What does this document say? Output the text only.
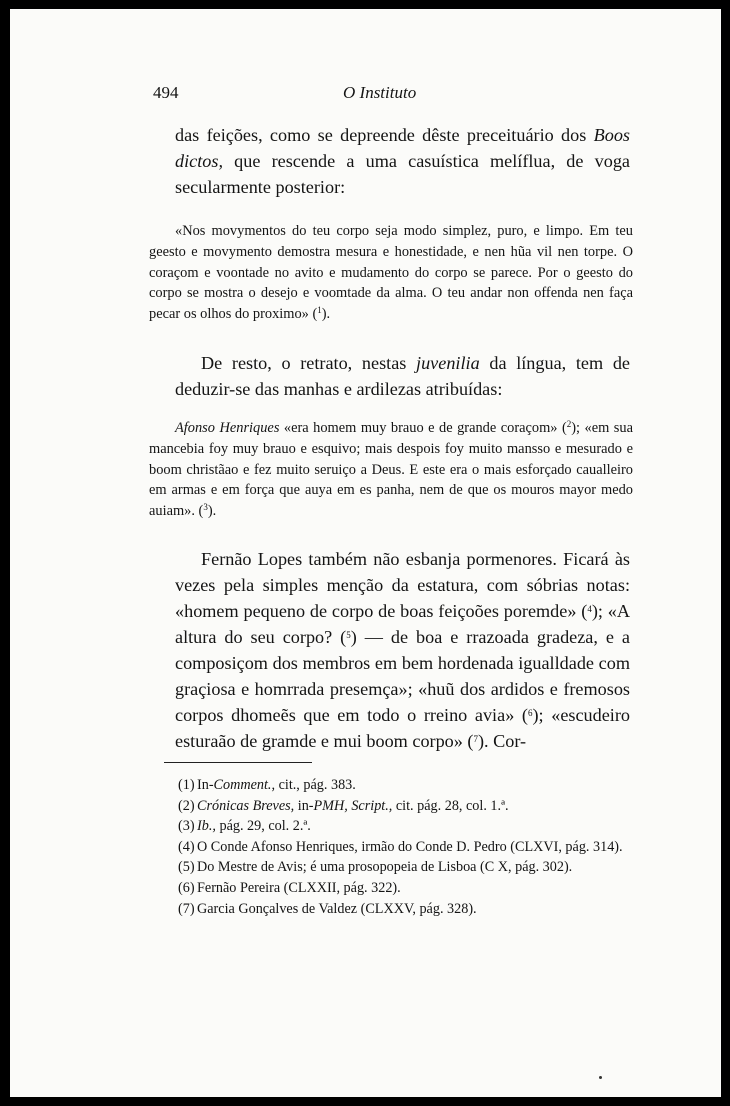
494	O Instituto

das feições, como se depreende dêste preceituário dos Boos dictos, que rescende a uma casuística melíflua, de voga secularmente posterior:

«Nos movymentos do teu corpo seja modo simplez, puro, e limpo. Em teu geesto e movymento demostra mesura e honestidade, e nen hũa vil nen torpe. O coraçom e voontade no avito e mudamento do corpo se parece. Por o geesto do corpo se mostra o desejo e voomtade da alma. O teu andar non offenda nen faça pecar os olhos do proximo» ($^1$).

De resto, o retrato, nestas juvenilia da língua, tem de deduzir-se das manhas e ardilezas atribuídas:

Afonso Henriques «era homem muy brauo e de grande coraçom» ($^2$); «em sua mancebia foy muy brauo e esquivo; mais despois foy muito mansso e mesurado e boom christãao e fez muito seruiço a Deus. E este era o mais esforçado caualleiro em armas e em força que auya em es panha, nem de que os mouros mayor medo auiam». ($^3$).

Fernão Lopes também não esbanja pormenores. Ficará às vezes pela simples menção da estatura, com sóbrias notas: «homem pequeno de corpo de boas feiçoões poremde» ($^4$); «A altura do seu corpo? ($^5$) — de boa e rrazoada gradeza, e a composiçom dos membros em bem hordenada igualldade com graçiosa e homrrada presemça»; «huũ dos ardidos e fremosos corpos dhomeẽs que em todo o rreino avia» ($^6$); «escudeiro esturaão de gramde e mui boom corpo» ($^7$). Cor-

(1) In-Comment., cit., pág. 383.
(2) Crónicas Breves, in-PMH, Script., cit. pág. 28, col. 1.ª.
(3) Ib., pág. 29, col. 2.ª.
(4) O Conde Afonso Henriques, irmão do Conde D. Pedro (CLXVI, pág. 314).
(5) Do Mestre de Avis; é uma prosopopeia de Lisboa (C X, pág. 302).
(6) Fernão Pereira (CLXXII, pág. 322).
(7) Garcia Gonçalves de Valdez (CLXXV, pág. 328).
